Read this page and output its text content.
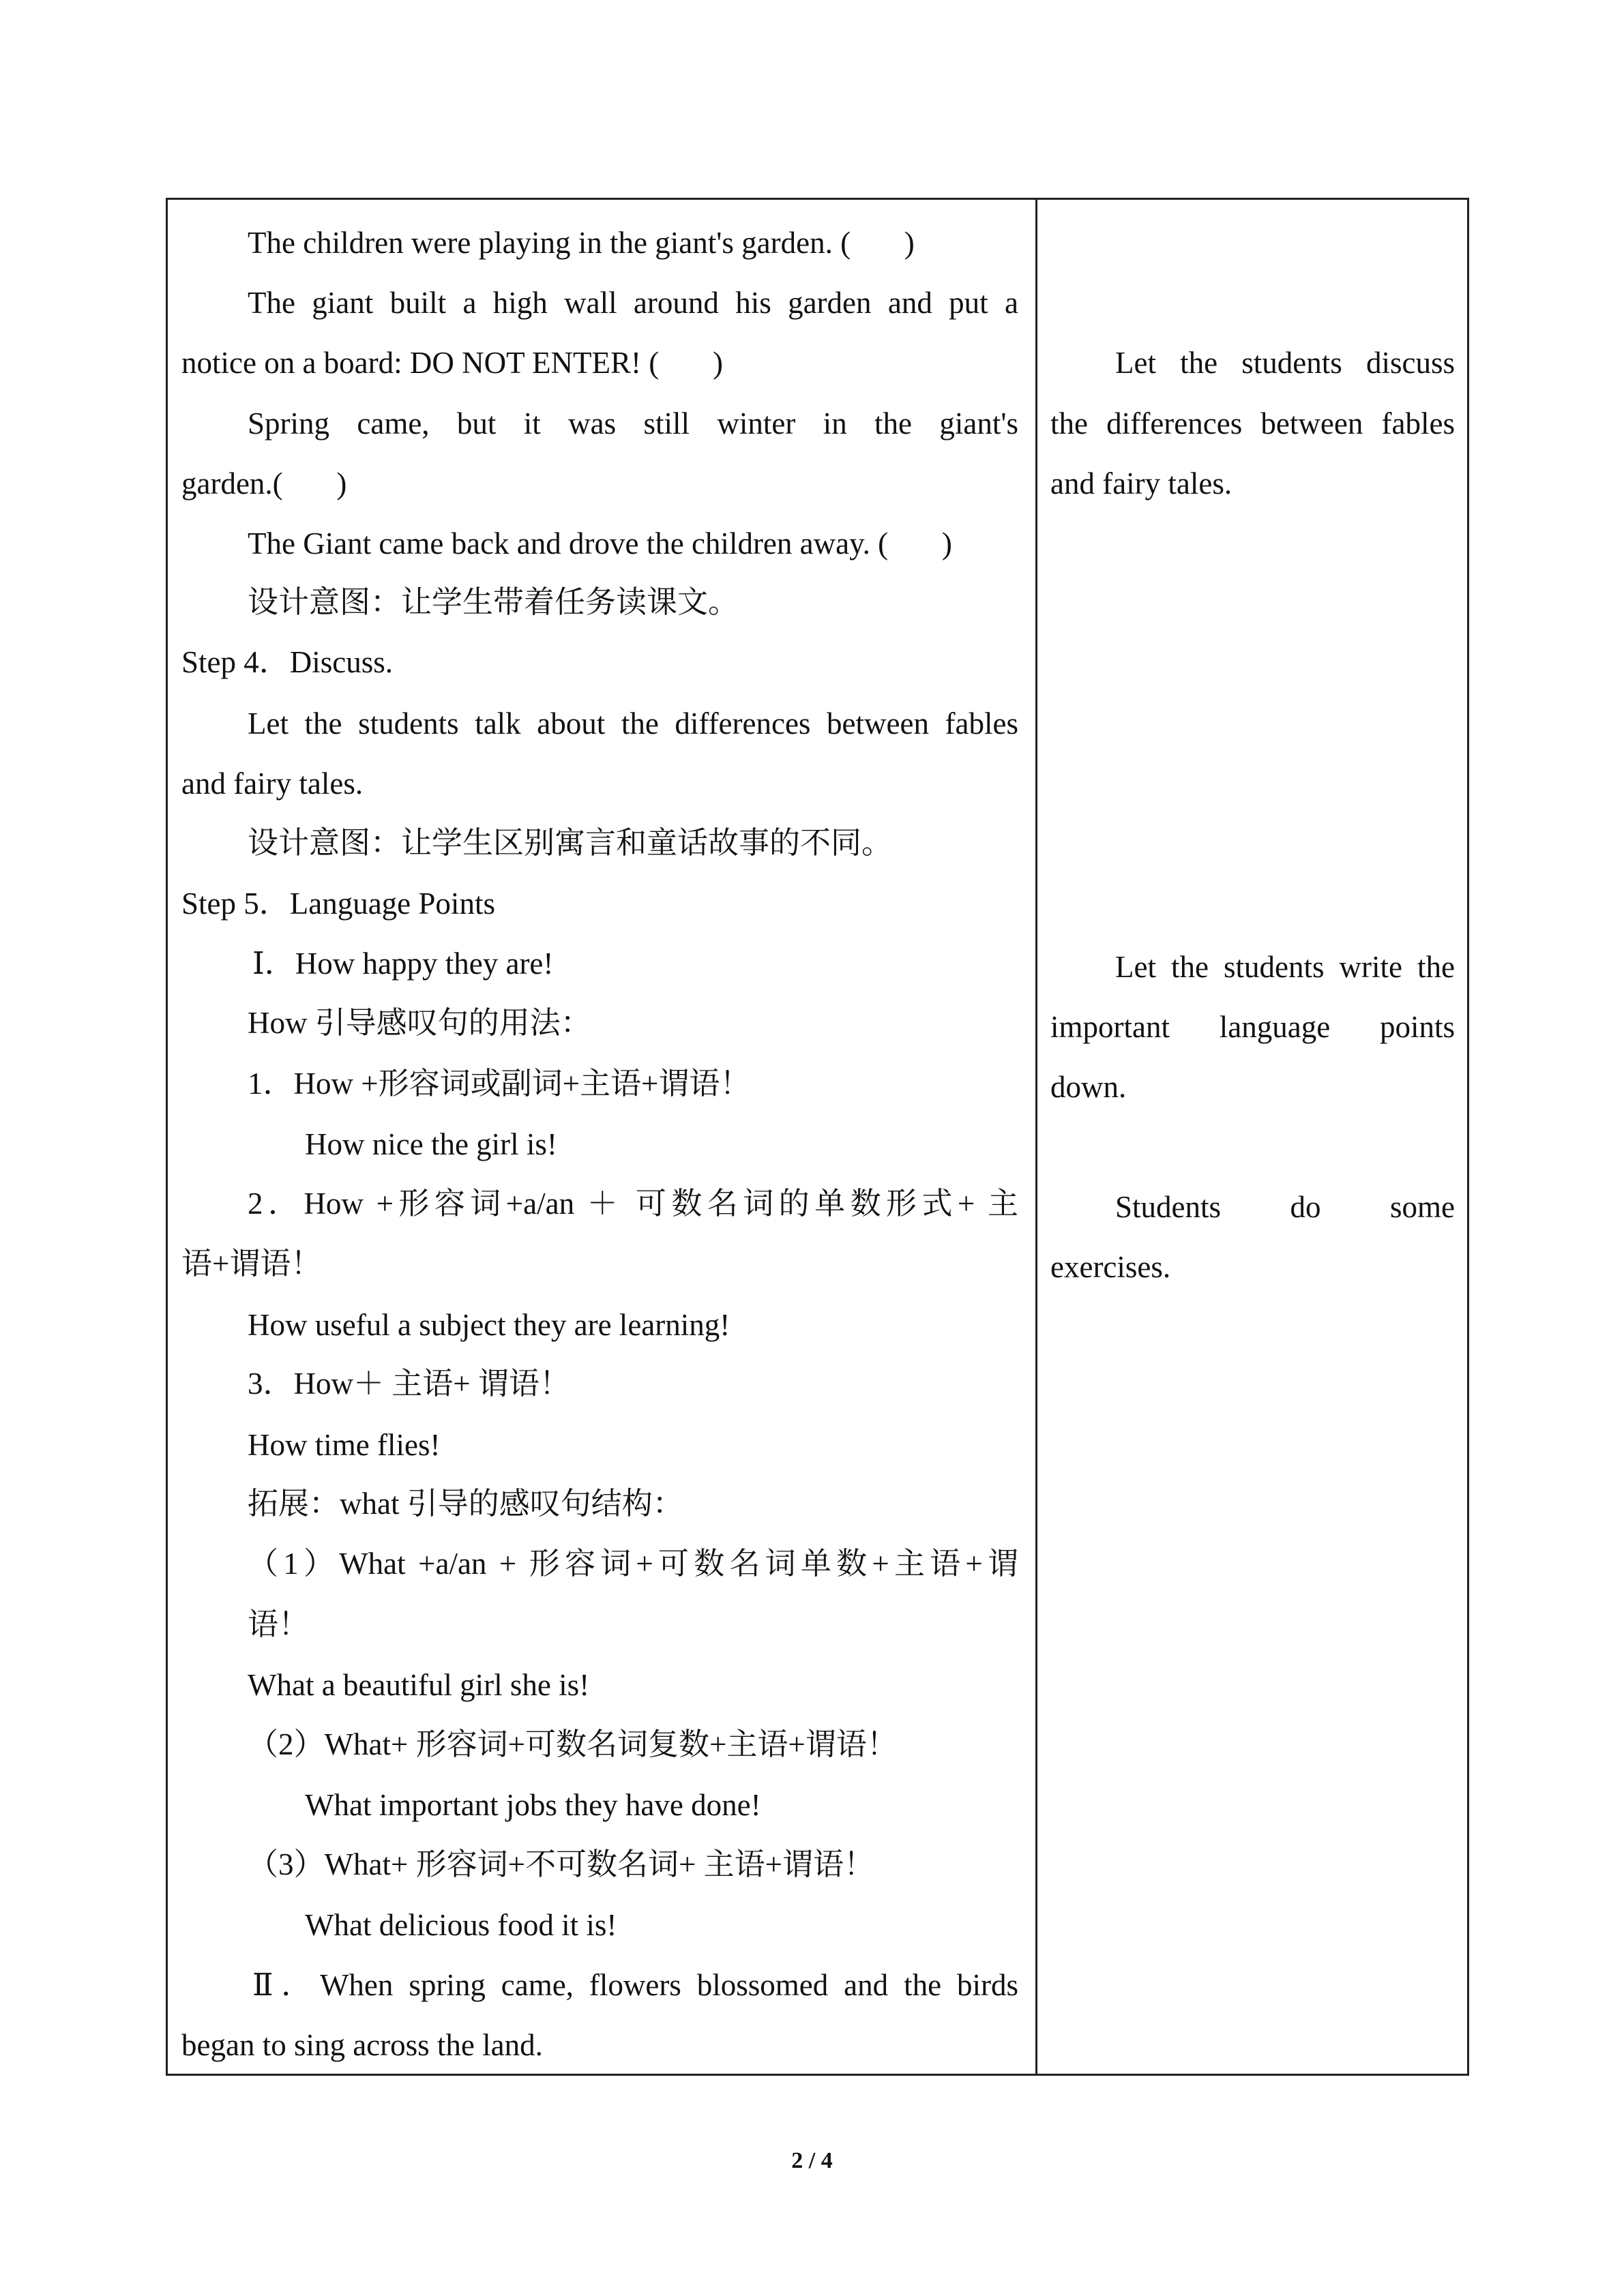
The children were playing in the giant's garden. (       )
The giant built a high wall around his garden and put a
notice on a board: DO NOT ENTER! (       )
Spring came, but it was still winter in the giant's
garden.(       )
The Giant came back and drove the children away. (       )
设计意图：让学生带着任务读课文。
Step 4．Discuss.
Let the students talk about the differences between fables
and fairy tales.
设计意图：让学生区别寓言和童话故事的不同。
Step 5．Language Points
Ⅰ．How happy they are!
How 引导感叹句的用法：
1．How +形容词或副词+主语+谓语！
How nice the girl is!
2．How +形容词+a/an ＋ 可数名词的单数形式+ 主
语+谓语！
How useful a subject they are learning!
3．How＋ 主语+ 谓语！
How time flies!
拓展：what 引导的感叹句结构：
（1）What +a/an + 形容词+可数名词单数+主语+谓
语！
What a beautiful girl she is!
（2）What+ 形容词+可数名词复数+主语+谓语！
What important jobs they have done!
（3）What+ 形容词+不可数名词+ 主语+谓语！
What delicious food it is!
Ⅱ．When spring came, flowers blossomed and the birds
began to sing across the land.
Let the students discuss
the differences between fables
and fairy tales.
Let the students write the
important language points
down.
Students do some
exercises.
2 / 4
